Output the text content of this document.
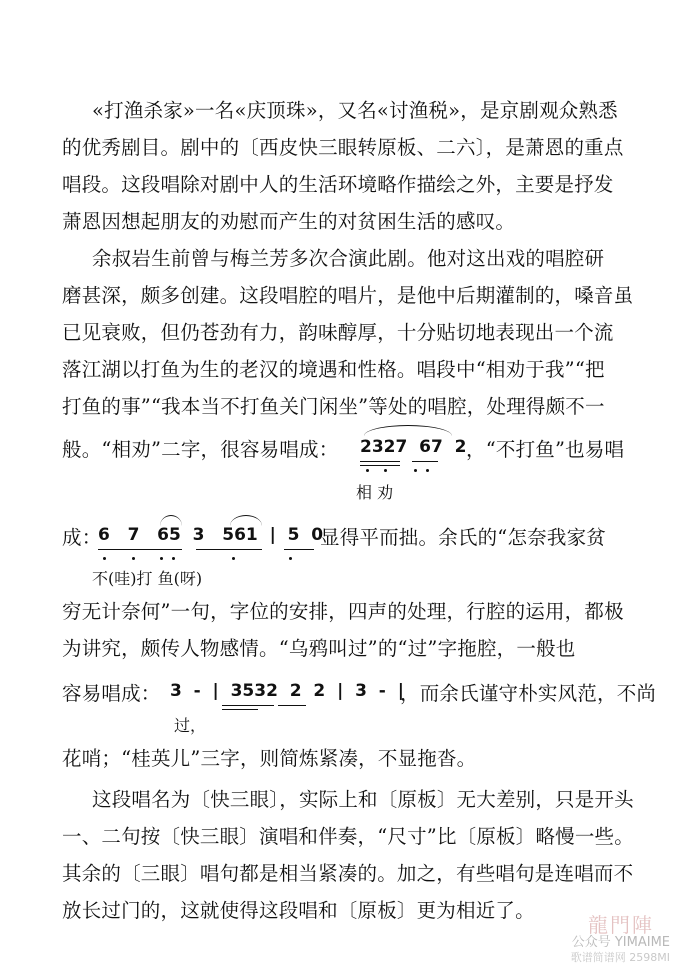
«打渔杀家»一名«庆顶珠»，又名«讨渔税»，是京剧观众熟悉
的优秀剧目。剧中的〔西皮快三眼转原板、二六〕，是萧恩的重点
唱段。这段唱除对剧中人的生活环境略作描绘之外，主要是抒发
萧恩因想起朋友的劝慰而产生的对贫困生活的感叹。
余叔岩生前曾与梅兰芳多次合演此剧。他对这出戏的唱腔研
磨甚深，颇多创建。这段唱腔的唱片，是他中后期灌制的，嗓音虽
已见衰败，但仍苍劲有力，韵味醇厚，十分贴切地表现出一个流
落江湖以打鱼为生的老汉的境遇和性格。唱段中“相劝于我”“把
打鱼的事”“我本当不打鱼关门闲坐”等处的唱腔，处理得颇不一
般。“相劝”二字，很容易唱成：	2327  67  2 ，“不打鱼”也易唱
相 劝
成：
6   7   65  3   561  |  5  0
显得平而拙。余氏的“怎奈我家贫
不(哇)打 鱼(呀)
穷无计奈何”一句，字位的安排，四声的处理，行腔的运用，都极
为讲究，颇传人物感情。“乌鸦叫过”的“过”字拖腔，一般也
容易唱成： 3  -  |  3532  2  2  |  3  -  |
，而余氏谨守朴实风范，不尚
过，
花哨；“桂英儿”三字，则简炼紧凑，不显拖沓。
这段唱名为〔快三眼〕，实际上和〔原板〕无大差别，只是开头
一、二句按〔快三眼〕演唱和伴奏，“尺寸”比〔原板〕略慢一些。
其余的〔三眼〕唱句都是相当紧凑的。加之，有些唱句是连唱而不
放长过门的，这就使得这段唱和〔原板〕更为相近了。
龍門陣
公众号 YIMAIME
歌谱简谱网 2598MI
